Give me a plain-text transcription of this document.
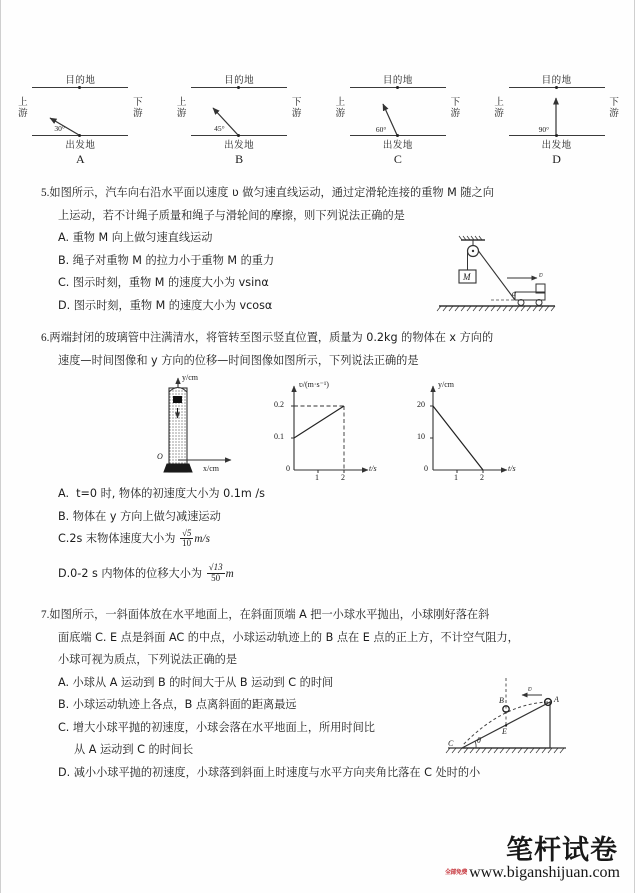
目的地
上游
下游
30°
出发地
A
目的地
上游
下游
45°
出发地
B
目的地
上游
下游
60°
出发地
C
目的地
上游
下游
90°
出发地
D
5.如图所示，汽车向右沿水平面以速度 ʋ 做匀速直线运动，通过定滑轮连接的重物 M 随之向
上运动，若不计绳子质量和绳子与滑轮间的摩擦，则下列说法正确的是
A. 重物 M 向上做匀速直线运动
B. 绳子对重物 M 的拉力小于重物 M 的重力
C. 图示时刻，重物 M 的速度大小为 vsinα
D. 图示时刻，重物 M 的速度大小为 vcosα
α
ʋ
M
6.两端封闭的玻璃管中注满清水，将管转至图示竖直位置，质量为 0.2kg 的物体在 x 方向的
速度—时间图像和 y 方向的位移—时间图像如图所示，下列说法正确的是
y/cm
x/cm
O
ʋ/(m·s⁻¹)
t/s
0.2
0.1
0
1	2
y/cm
t/s
20
10
0
1	2
A. t=0 时, 物体的初速度大小为 0.1m /s
B. 物体在 y 方向上做匀减速运动
C.2s 末物体速度大小为 $\frac{√5}{10} m/s$
D.0-2 s 内物体的位移大小为 $\frac{√13}{50}$ m
7.如图所示，一斜面体放在水平地面上，在斜面顶端 A 把一小球水平抛出，小球刚好落在斜
面底端 C. E 点是斜面 AC 的中点，小球运动轨迹上的 B 点在 E 点的正上方，不计空气阻力，
小球可视为质点，下列说法正确的是
A. 小球从 A 运动到 B 的时间大于从 B 运动到 C 的时间
B. 小球运动轨迹上各点，B 点离斜面的距离最远
C. 增大小球平抛的初速度，小球会落在水平地面上，所用时间比
从 A 运动到 C 的时间长
D. 减小小球平抛的初速度，小球落到斜面上时速度与水平方向夹角比落在 C 处时的小
A
B
C
E
θ
ʋ
笔杆试卷
全部免费 www.biganshijuan.com
